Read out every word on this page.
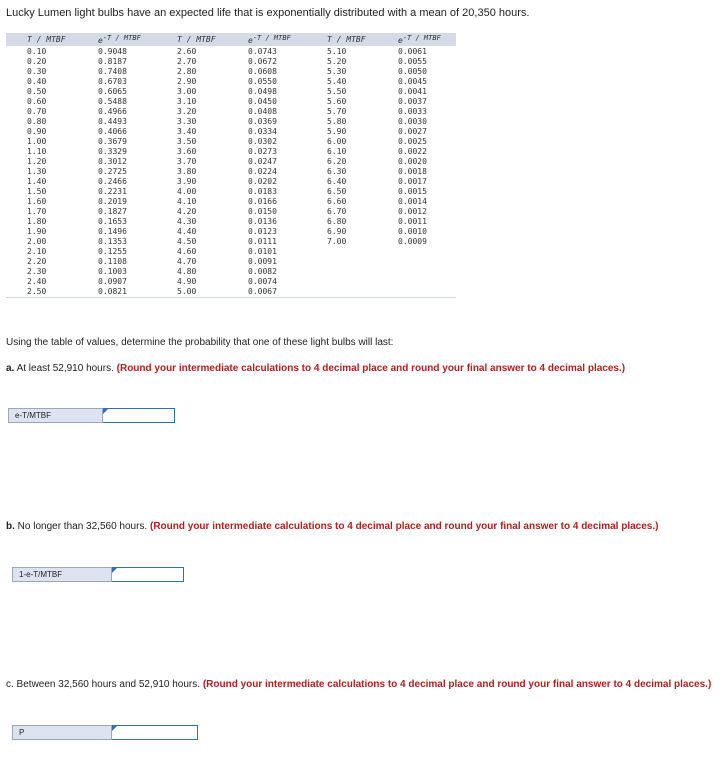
Lucky Lumen light bulbs have an expected life that is exponentially distributed with a mean of 20,350 hours.
T / MTBF	$e^{-T / MTBF}$	T / MTBF	$e^{-T / MTBF}$	T / MTBF	$e^{-T / MTBF}$
0.10	0.9048	2.60	0.0743	5.10	0.0061
0.20	0.8187	2.70	0.0672	5.20	0.0055
0.30	0.7408	2.80	0.0608	5.30	0.0050
0.40	0.6703	2.90	0.0550	5.40	0.0045
0.50	0.6065	3.00	0.0498	5.50	0.0041
0.60	0.5488	3.10	0.0450	5.60	0.0037
0.70	0.4966	3.20	0.0408	5.70	0.0033
0.80	0.4493	3.30	0.0369	5.80	0.0030
0.90	0.4066	3.40	0.0334	5.90	0.0027
1.00	0.3679	3.50	0.0302	6.00	0.0025
1.10	0.3329	3.60	0.0273	6.10	0.0022
1.20	0.3012	3.70	0.0247	6.20	0.0020
1.30	0.2725	3.80	0.0224	6.30	0.0018
1.40	0.2466	3.90	0.0202	6.40	0.0017
1.50	0.2231	4.00	0.0183	6.50	0.0015
1.60	0.2019	4.10	0.0166	6.60	0.0014
1.70	0.1827	4.20	0.0150	6.70	0.0012
1.80	0.1653	4.30	0.0136	6.80	0.0011
1.90	0.1496	4.40	0.0123	6.90	0.0010
2.00	0.1353	4.50	0.0111	7.00	0.0009
2.10	0.1255	4.60	0.0101
2.20	0.1108	4.70	0.0091
2.30	0.1003	4.80	0.0082
2.40	0.0907	4.90	0.0074
2.50	0.0821	5.00	0.0067
Using the table of values, determine the probability that one of these light bulbs will last:
a. At least 52,910 hours. (Round your intermediate calculations to 4 decimal place and round your final answer to 4 decimal places.)
e-T/MTBF
b. No longer than 32,560 hours. (Round your intermediate calculations to 4 decimal place and round your final answer to 4 decimal places.)
1-e-T/MTBF
c. Between 32,560 hours and 52,910 hours. (Round your intermediate calculations to 4 decimal place and round your final answer to 4 decimal places.)
P
